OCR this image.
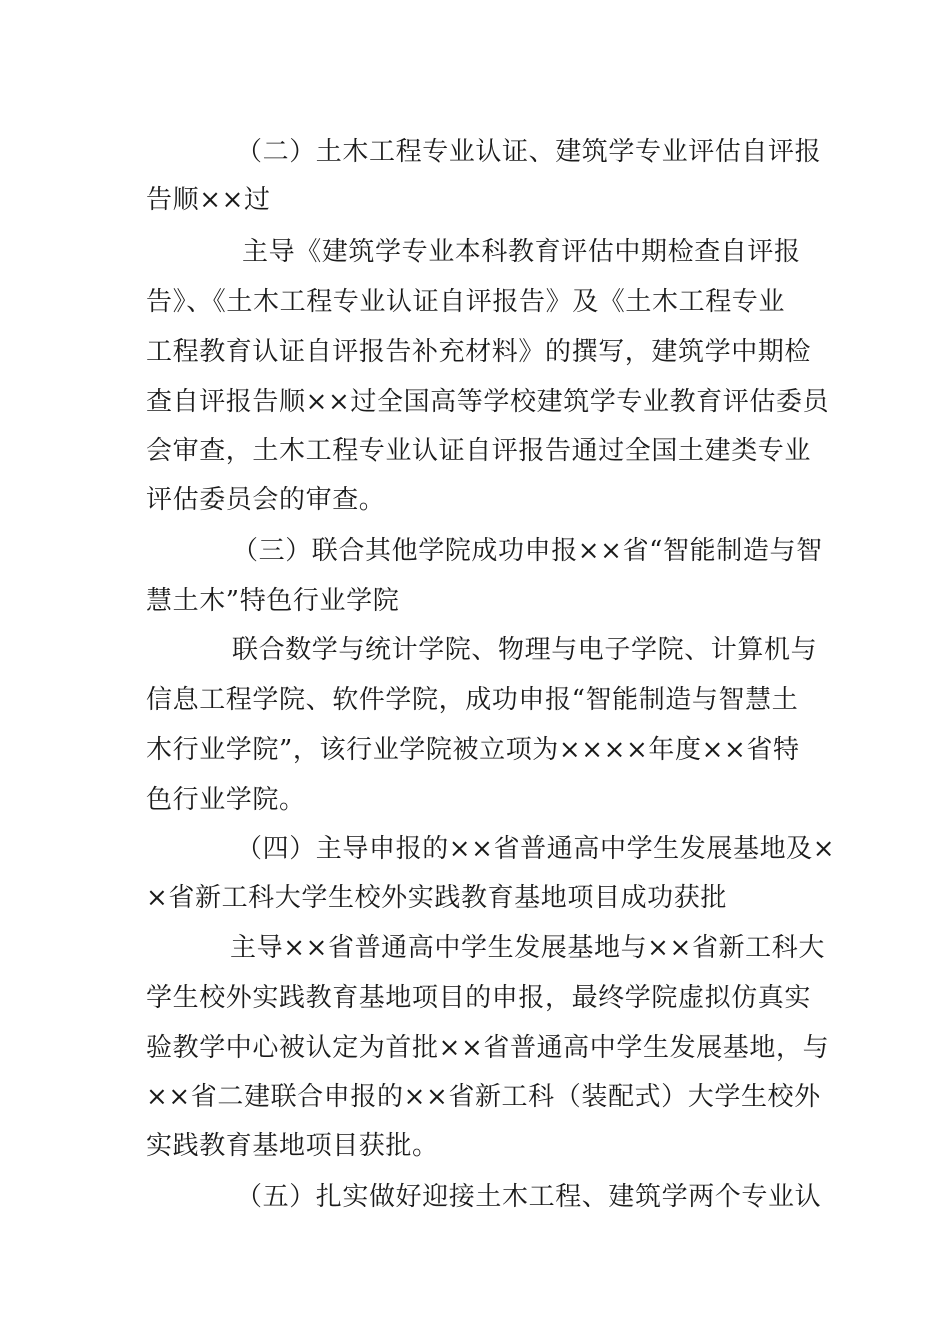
（二）土木工程专业认证、建筑学专业评估自评报
告顺××过
主导《建筑学专业本科教育评估中期检查自评报
告》、《土木工程专业认证自评报告》及《土木工程专业
工程教育认证自评报告补充材料》的撰写，建筑学中期检
查自评报告顺××过全国高等学校建筑学专业教育评估委员
会审查，土木工程专业认证自评报告通过全国土建类专业
评估委员会的审查。
（三）联合其他学院成功申报××省“智能制造与智
慧土木”特色行业学院
联合数学与统计学院、物理与电子学院、计算机与
信息工程学院、软件学院，成功申报“智能制造与智慧土
木行业学院”，该行业学院被立项为××××年度××省特
色行业学院。
（四）主导申报的××省普通高中学生发展基地及×
×省新工科大学生校外实践教育基地项目成功获批
主导××省普通高中学生发展基地与××省新工科大
学生校外实践教育基地项目的申报，最终学院虚拟仿真实
验教学中心被认定为首批××省普通高中学生发展基地，与
××省二建联合申报的××省新工科（装配式）大学生校外
实践教育基地项目获批。
（五）扎实做好迎接土木工程、建筑学两个专业认
